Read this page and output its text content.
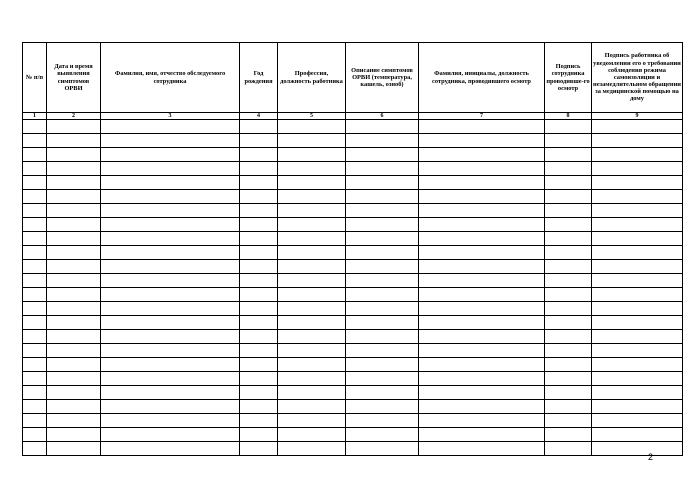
№ п/п	Дата и время выявления симптомов ОРВИ	Фамилия, имя, отчество обследуемого сотрудника	Год рождения	Профессия, должность работника	Описание симптомов ОРВИ (температура, кашель, озноб)	Фамилия, инициалы, должность сотрудника, проводившего осмотр	Подпись сотрудника проводивше-го осмотр	Подпись работника об уведомлении его о требовании соблюдения режима самоизоляции и незамедлительном обращении за медицинской помощью на дому
1	2	3	4	5	6	7	8	9

2
